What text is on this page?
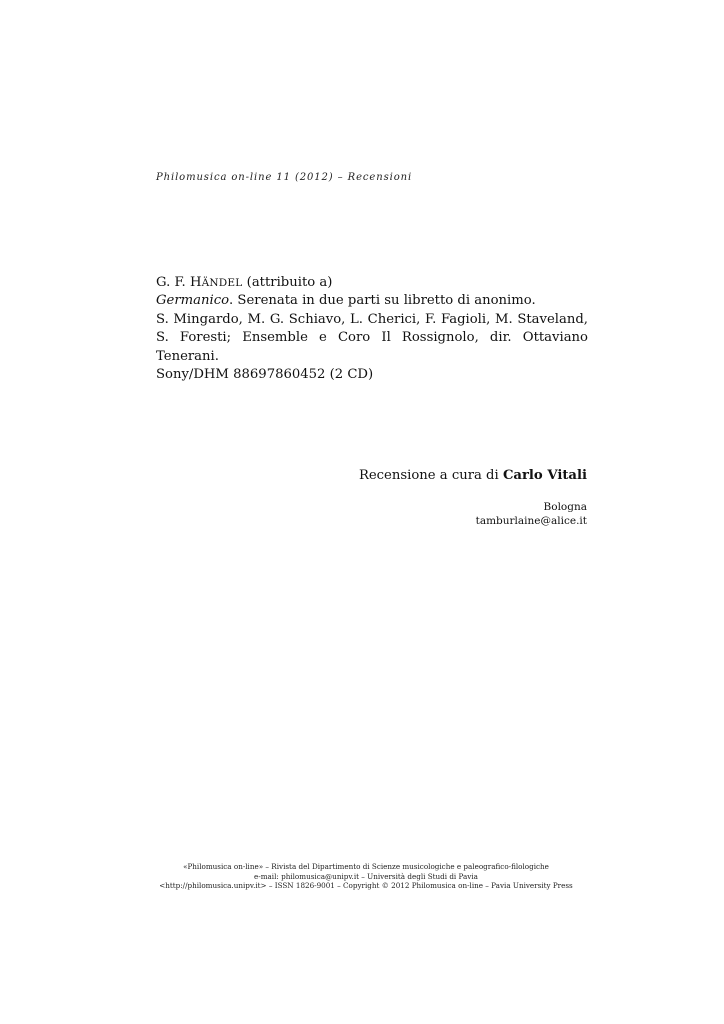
Philomusica on-line 11 (2012) – Recensioni

G. F. HÄNDEL (attribuito a)

Germanico. Serenata in due parti su libretto di anonimo.

S. Mingardo, M. G. Schiavo, L. Cherici, F. Fagioli, M. Staveland, S. Foresti; Ensemble e Coro Il Rossignolo, dir. Ottaviano Tenerani.

Sony/DHM 88697860452 (2 CD)

Recensione a cura di Carlo Vitali
Bologna
tamburlaine@alice.it
«Philomusica on-line» – Rivista del Dipartimento di Scienze musicologiche e paleografico-filologiche
e-mail: philomusica@unipv.it – Università degli Studi di Pavia
<http://philomusica.unipv.it> – ISSN 1826-9001 – Copyright © 2012 Philomusica on-line – Pavia University Press
